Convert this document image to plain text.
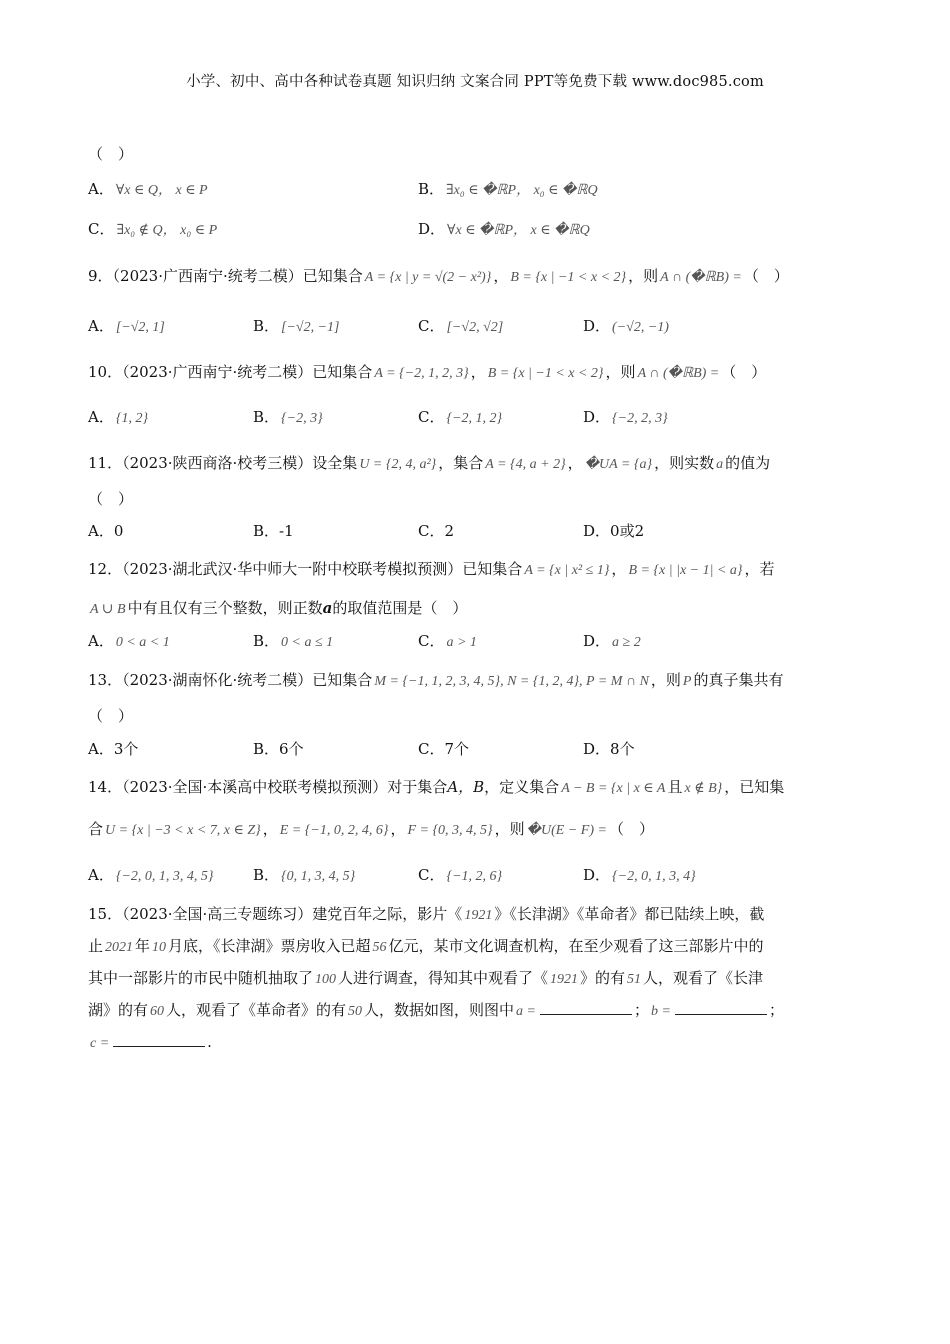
小学、初中、高中各种试卷真题 知识归纳 文案合同 PPT等免费下载 www.doc985.com
（　）
A． ∀x ∈ Q， x ∈ P	B． ∃x₀ ∈ �ℝP， x₀ ∈ �ℝQ
C． ∃x₀ ∉ Q， x₀ ∈ P	D． ∀x ∈ �ℝP， x ∈ �ℝQ
9．（2023·广西南宁·统考二模）已知集合 A = {x | y = √(2 − x²)} ， B = {x | −1 < x < 2} ，则 A ∩ (�ℝB) = （　）
A． [−√2, 1]	B． [−√2, −1]	C． [−√2, √2]	D． (−√2, −1)
10．（2023·广西南宁·统考二模）已知集合 A = {−2, 1, 2, 3} ， B = {x | −1 < x < 2} ，则 A ∩ (�ℝB) = （　）
A． {1, 2}	B． {−2, 3}	C． {−2, 1, 2}	D． {−2, 2, 3}
11．（2023·陕西商洛·校考三模）设全集 U = {2, 4, a²} ，集合 A = {4, a + 2} ， �UA = {a} ，则实数 a 的值为
（　）
A．0	B．-1	C．2	D．0或2
12．（2023·湖北武汉·华中师大一附中校联考模拟预测）已知集合 A = {x | x² ≤ 1} ， B = {x | |x − 1| < a} ，若
A ∪ B 中有且仅有三个整数，则正数a的取值范围是（　）
A． 0 < a < 1	B． 0 < a ≤ 1	C． a > 1	D． a ≥ 2
13．（2023·湖南怀化·统考二模）已知集合 M = {−1, 1, 2, 3, 4, 5}, N = {1, 2, 4}, P = M ∩ N ，则 P 的真子集共有
（　）
A．3个	B．6个	C．7个	D．8个
14．（2023·全国·本溪高中校联考模拟预测）对于集合A，B，定义集合 A − B = {x | x ∈ A 且 x ∉ B} ，已知集
合 U = {x | −3 < x < 7, x ∈ Z} ， E = {−1, 0, 2, 4, 6} ， F = {0, 3, 4, 5} ，则 �U(E − F) = （　）
A． {−2, 0, 1, 3, 4, 5}	B． {0, 1, 3, 4, 5}	C． {−1, 2, 6}	D． {−2, 0, 1, 3, 4}
15．（2023·全国·高三专题练习）建党百年之际，影片《 1921 》《长津湖》《革命者》都已陆续上映，截
止 2021 年 10 月底，《长津湖》票房收入已超 56 亿元，某市文化调查机构，在至少观看了这三部影片中的
其中一部影片的市民中随机抽取了 100 人进行调查，得知其中观看了《 1921 》的有 51 人，观看了《长津
湖》的有 60 人，观看了《革命者》的有 50 人，数据如图，则图中 a =	； b =	；
c =	.
